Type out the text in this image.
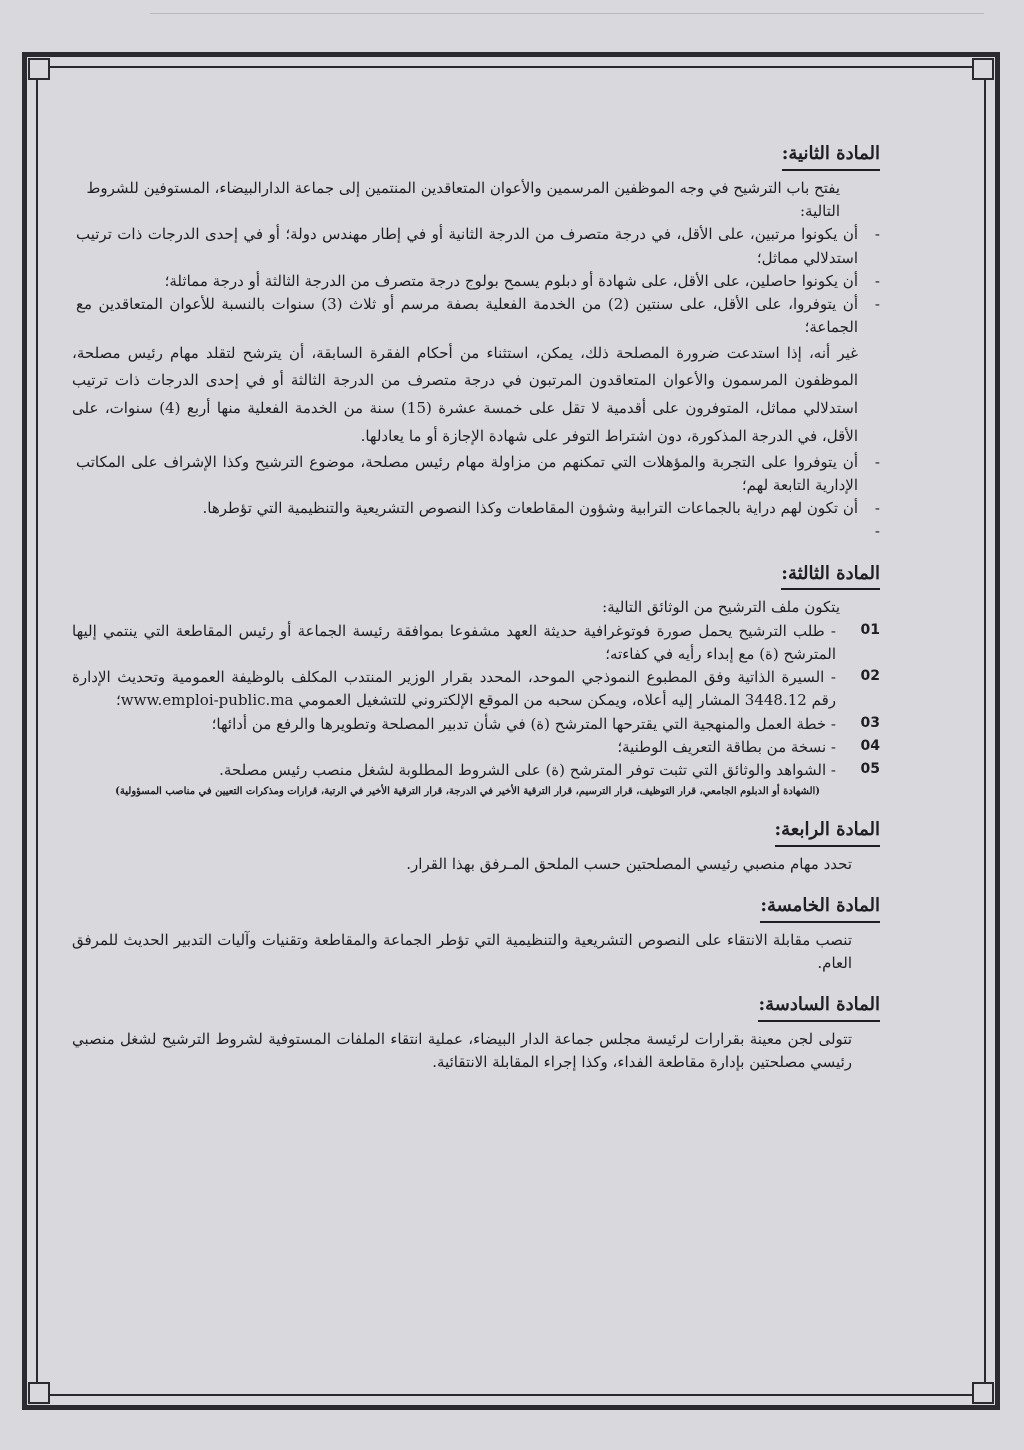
المادة الثانية:

يفتح باب الترشيح في وجه الموظفين المرسمين والأعوان المتعاقدين المنتمين إلى جماعة الدارالبيضاء، المستوفين للشروط التالية:

- أن يكونوا مرتبين، على الأقل، في درجة متصرف من الدرجة الثانية أو في إطار مهندس دولة؛ أو في إحدى الدرجات ذات ترتيب استدلالي مماثل؛
- أن يكونوا حاصلين، على الأقل، على شهادة أو دبلوم يسمح بولوج درجة متصرف من الدرجة الثالثة أو درجة مماثلة؛
- أن يتوفروا، على الأقل، على سنتين (2) من الخدمة الفعلية بصفة مرسم أو ثلاث (3) سنوات بالنسبة للأعوان المتعاقدين مع الجماعة؛

غير أنه، إذا استدعت ضرورة المصلحة ذلك، يمكن، استثناء من أحكام الفقرة السابقة، أن يترشح لتقلد مهام رئيس مصلحة، الموظفون المرسمون والأعوان المتعاقدون المرتبون في درجة متصرف من الدرجة الثالثة أو في إحدى الدرجات ذات ترتيب استدلالي مماثل، المتوفرون على أقدمية لا تقل على خمسة عشرة (15) سنة من الخدمة الفعلية منها أربع (4) سنوات، على الأقل، في الدرجة المذكورة، دون اشتراط التوفر على شهادة الإجازة أو ما يعادلها.

- أن يتوفروا على التجربة والمؤهلات التي تمكنهم من مزاولة مهام رئيس مصلحة، موضوع الترشيح وكذا الإشراف على المكاتب الإدارية التابعة لهم؛
- أن تكون لهم دراية بالجماعات الترابية وشؤون المقاطعات وكذا النصوص التشريعية والتنظيمية التي تؤطرها.
-
المادة الثالثة:

يتكون ملف الترشيح من الوثائق التالية:

01
- طلب الترشيح يحمل صورة فوتوغرافية حديثة العهد مشفوعا بموافقة رئيسة الجماعة أو رئيس المقاطعة التي ينتمي إليها المترشح (ة) مع إبداء رأيه في كفاءته؛
02
- السيرة الذاتية وفق المطبوع النموذجي الموحد، المحدد بقرار الوزير المنتدب المكلف بالوظيفة العمومية وتحديث الإدارة رقم 3448.12 المشار إليه أعلاه، ويمكن سحبه من الموقع الإلكتروني للتشغيل العمومي www.emploi-public.ma؛
03
- خطة العمل والمنهجية التي يقترحها المترشح (ة) في شأن تدبير المصلحة وتطويرها والرفع من أدائها؛
04
- نسخة من بطاقة التعريف الوطنية؛
05
- الشواهد والوثائق التي تثبت توفر المترشح (ة) على الشروط المطلوبة لشغل منصب رئيس مصلحة.

(الشهادة أو الدبلوم الجامعي، قرار التوظيف، قرار الترسيم، قرار الترقية الأخير في الدرجة، قرار الترقية الأخير في الرتبة، قرارات ومذكرات التعيين في مناصب المسؤولية)

المادة الرابعة:

تحدد مهام منصبي رئيسي المصلحتين حسب الملحق المـرفق بهذا القرار.

المادة الخامسة:

تنصب مقابلة الانتقاء على النصوص التشريعية والتنظيمية التي تؤطر الجماعة والمقاطعة وتقنيات وآليات التدبير الحديث للمرفق العام.

المادة السادسة:

تتولى لجن معينة بقرارات لرئيسة مجلس جماعة الدار البيضاء، عملية انتقاء الملفات المستوفية لشروط الترشيح لشغل منصبي رئيسي مصلحتين بإدارة مقاطعة الفداء، وكذا إجراء المقابلة الانتقائية.
